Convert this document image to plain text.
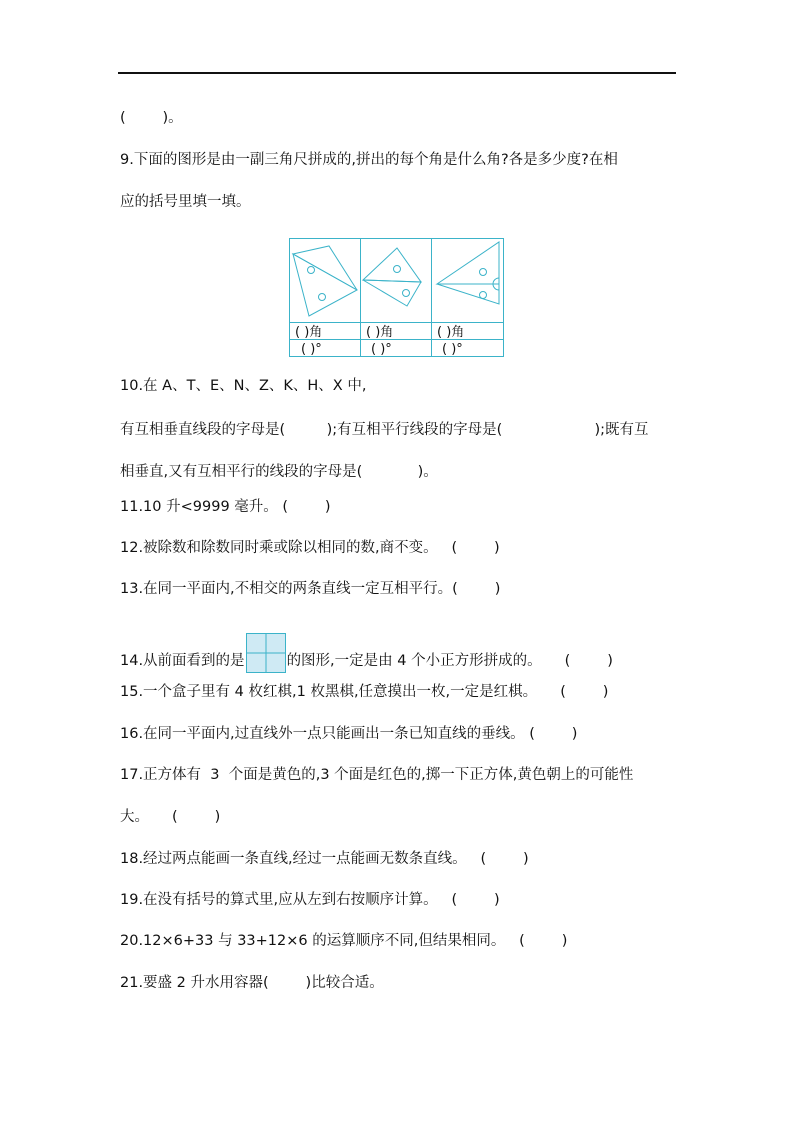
(        )。
9.下面的图形是由一副三角尺拼成的,拼出的每个角是什么角?各是多少度?在相
应的括号里填一填。
( )角	( )角	( )角
( )°	( )°	( )°
10.在 A、T、E、N、Z、K、H、X 中,
有互相垂直线段的字母是(         );有互相平行线段的字母是(                    );既有互
相垂直,又有互相平行的线段的字母是(            )。
11.10 升<9999 毫升。 (        )
12.被除数和除数同时乘或除以相同的数,商不变。   (        )
13.在同一平面内,不相交的两条直线一定互相平行。(        )
14.从前面看到的是	的图形,一定是由 4 个小正方形拼成的。     (        )
15.一个盒子里有 4 枚红棋,1 枚黑棋,任意摸出一枚,一定是红棋。     (        )
16.在同一平面内,过直线外一点只能画出一条已知直线的垂线。 (        )
17.正方体有  3  个面是黄色的,3 个面是红色的,掷一下正方体,黄色朝上的可能性
大。     (        )
18.经过两点能画一条直线,经过一点能画无数条直线。   (        )
19.在没有括号的算式里,应从左到右按顺序计算。   (        )
20.12×6+33 与 33+12×6 的运算顺序不同,但结果相同。   (        )
21.要盛 2 升水用容器(        )比较合适。
